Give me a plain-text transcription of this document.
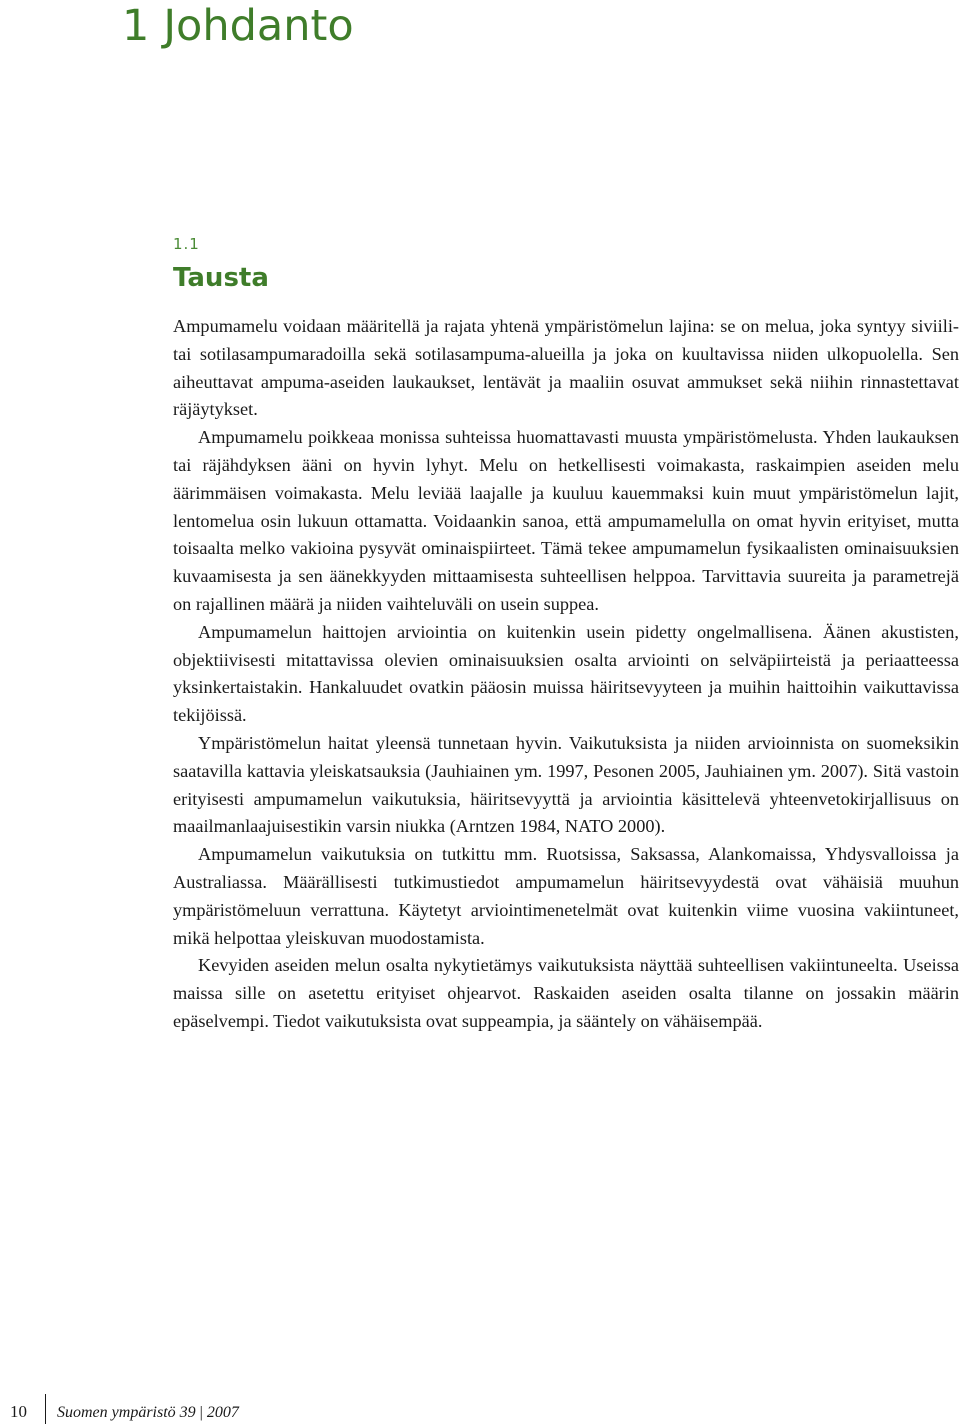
1 Johdanto
1.1
Tausta

Ampumamelu voidaan määritellä ja rajata yhtenä ympäristömelun lajina: se on melua, joka syntyy siviili- tai sotilasampumaradoilla sekä sotilasampuma-alueilla ja joka on kuultavissa niiden ulkopuolella. Sen aiheuttavat ampuma-aseiden laukaukset, lentävät ja maaliin osuvat ammukset sekä niihin rinnastettavat räjäytykset.

Ampumamelu poikkeaa monissa suhteissa huomattavasti muusta ympäristömelusta. Yhden laukauksen tai räjähdyksen ääni on hyvin lyhyt. Melu on hetkellisesti voimakasta, raskaimpien aseiden melu äärimmäisen voimakasta. Melu leviää laajalle ja kuuluu kauemmaksi kuin muut ympäristömelun lajit, lentomelua osin lukuun ottamatta. Voidaankin sanoa, että ampumamelulla on omat hyvin erityiset, mutta toisaalta melko vakioina pysyvät ominaispiirteet. Tämä tekee ampumamelun fysikaalisten ominaisuuksien kuvaamisesta ja sen äänekkyyden mittaamisesta suhteellisen helppoa. Tarvittavia suureita ja parametrejä on rajallinen määrä ja niiden vaihteluväli on usein suppea.

Ampumamelun haittojen arviointia on kuitenkin usein pidetty ongelmallisena. Äänen akustisten, objektiivisesti mitattavissa olevien ominaisuuksien osalta arviointi on selväpiirteistä ja periaatteessa yksinkertaistakin. Hankaluudet ovatkin pääosin muissa häiritsevyyteen ja muihin haittoihin vaikuttavissa tekijöissä.

Ympäristömelun haitat yleensä tunnetaan hyvin. Vaikutuksista ja niiden arvioinnista on suomeksikin saatavilla kattavia yleiskatsauksia (Jauhiainen ym. 1997, Pesonen 2005, Jauhiainen ym. 2007). Sitä vastoin erityisesti ampumamelun vaikutuksia, häiritsevyyttä ja arviointia käsittelevä yhteenvetokirjallisuus on maailmanlaajuisestikin varsin niukka (Arntzen 1984, NATO 2000).

Ampumamelun vaikutuksia on tutkittu mm. Ruotsissa, Saksassa, Alankomaissa, Yhdysvalloissa ja Australiassa. Määrällisesti tutkimustiedot ampumamelun häiritsevyydestä ovat vähäisiä muuhun ympäristömeluun verrattuna. Käytetyt arviointimenetelmät ovat kuitenkin viime vuosina vakiintuneet, mikä helpottaa yleiskuvan muodostamista.

Kevyiden aseiden melun osalta nykytietämys vaikutuksista näyttää suhteellisen vakiintuneelta. Useissa maissa sille on asetettu erityiset ohjearvot. Raskaiden aseiden osalta tilanne on jossakin määrin epäselvempi. Tiedot vaikutuksista ovat suppeampia, ja sääntely on vähäisempää.

10 Suomen ympäristö 39 | 2007
